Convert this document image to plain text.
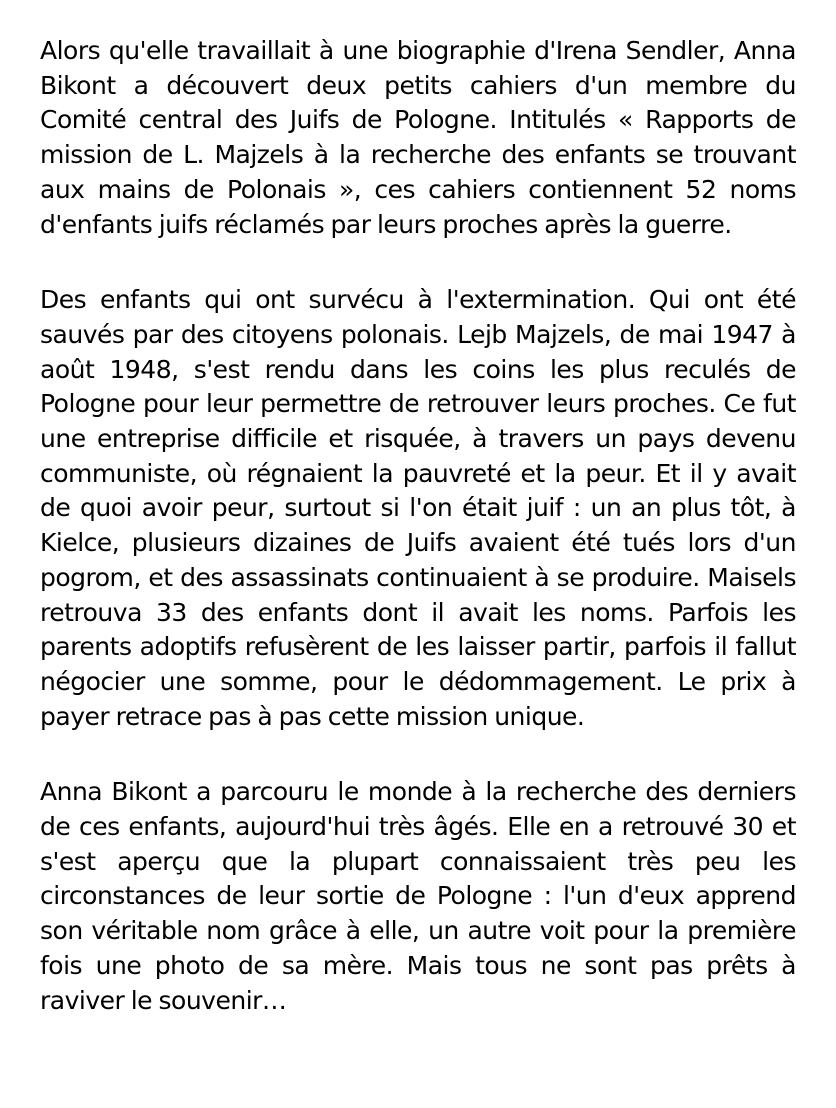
Alors qu'elle travaillait à une biographie d'Irena Sendler, Anna Bikont a découvert deux petits cahiers d'un membre du Comité central des Juifs de Pologne. Intitulés « Rapports de mission de L. Majzels à la recherche des enfants se trouvant aux mains de Polonais », ces cahiers contiennent 52 noms d'enfants juifs réclamés par leurs proches après la guerre.

Des enfants qui ont survécu à l'extermination. Qui ont été sauvés par des citoyens polonais. Lejb Majzels, de mai 1947 à août 1948, s'est rendu dans les coins les plus reculés de Pologne pour leur permettre de retrouver leurs proches. Ce fut une entreprise difficile et risquée, à travers un pays devenu communiste, où régnaient la pauvreté et la peur. Et il y avait de quoi avoir peur, surtout si l'on était juif : un an plus tôt, à Kielce, plusieurs dizaines de Juifs avaient été tués lors d'un pogrom, et des assassinats continuaient à se produire. Maisels retrouva 33 des enfants dont il avait les noms. Parfois les parents adoptifs refusèrent de les laisser partir, parfois il fallut négocier une somme, pour le dédommagement. Le prix à payer retrace pas à pas cette mission unique.

Anna Bikont a parcouru le monde à la recherche des derniers de ces enfants, aujourd'hui très âgés. Elle en a retrouvé 30 et s'est aperçu que la plupart connaissaient très peu les circonstances de leur sortie de Pologne : l'un d'eux apprend son véritable nom grâce à elle, un autre voit pour la première fois une photo de sa mère. Mais tous ne sont pas prêts à raviver le souvenir…
